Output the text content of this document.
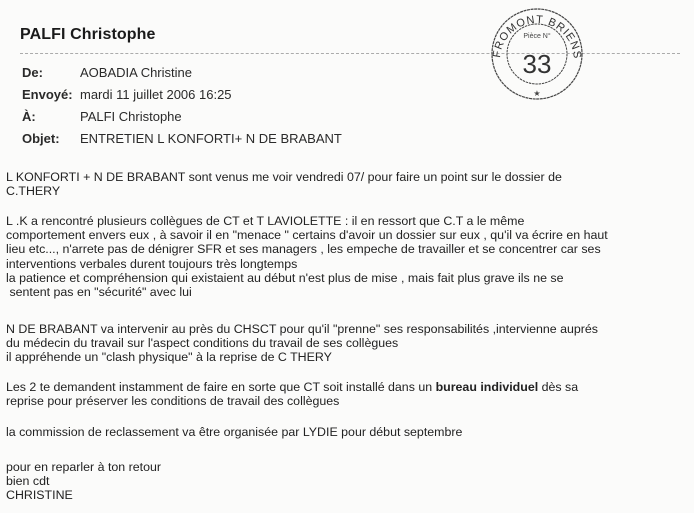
PALFI Christophe
De:	AOBADIA Christine
Envoyé: mardi 11 juillet 2006 16:25
À:	PALFI Christophe
Objet: ENTRETIEN L KONFORTI+ N DE BRABANT
FROMONT BRIENS
Pièce N°
33
★

L KONFORTI + N DE BRABANT sont venus me voir vendredi 07/ pour faire un point sur le dossier de

C.THERY

L .K a rencontré plusieurs collègues de CT et T LAVIOLETTE : il en ressort que C.T a le même

comportement envers eux , à savoir il en "menace " certains d'avoir un dossier sur eux , qu'il va écrire en haut

lieu etc..., n'arrete pas de dénigrer SFR et ses managers , les empeche de travailler et se concentrer car ses

interventions verbales durent toujours très longtemps

la patience et compréhension qui existaient au début n'est plus de mise , mais fait plus grave ils ne se

sentent pas en "sécurité" avec lui

N DE BRABANT va intervenir au près du CHSCT pour qu'il "prenne" ses responsabilités ,intervienne auprés

du médecin du travail sur l'aspect conditions du travail de ses collègues

il appréhende un "clash physique" à la reprise de C THERY

Les 2 te demandent instamment de faire en sorte que CT soit installé dans un bureau individuel dès sa

reprise pour préserver les conditions de travail des collègues

la commission de reclassement va être organisée par LYDIE pour début septembre

pour en reparler à ton retour

bien cdt

CHRISTINE
